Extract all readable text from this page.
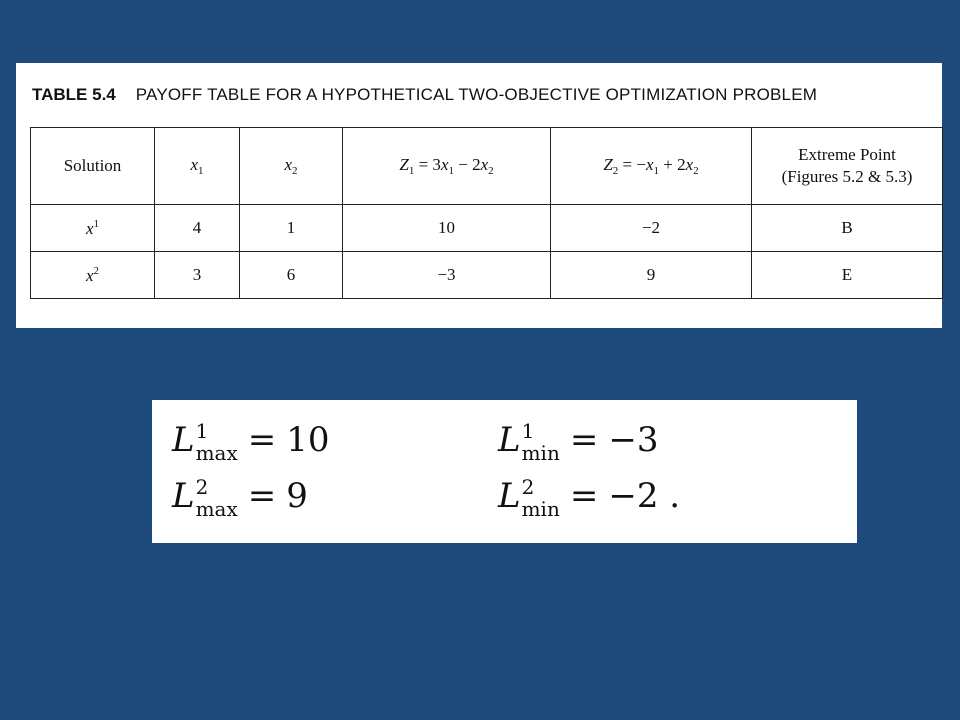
TABLE 5.4 PAYOFF TABLE FOR A HYPOTHETICAL TWO-OBJECTIVE OPTIMIZATION PROBLEM
Solution	$x_1$	$x_2$	$Z_1 = 3x_1 - 2x_2$	$Z_2 = -x_1 + 2x_2$	Extreme Point
(Figures 5.2 & 5.3)
$x^1$	4	1	10	−2	B
$x^2$	3	6	−3	9	E
L 1
max = 10	L 1
min = −3
L 2
max = 9	L 2
min = −2 .
